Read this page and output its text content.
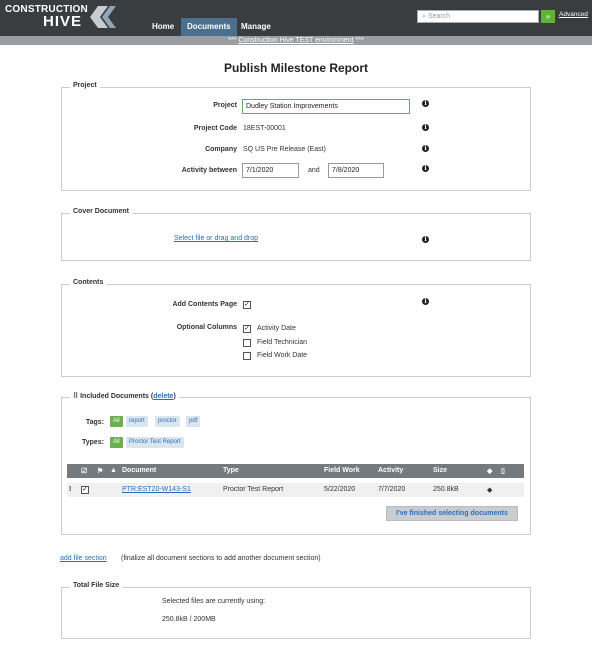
CONSTRUCTION
HIVE	Home	Documents	Manage
⌕ Search	»	Advanced
*** Construction Hive TEST environment ***
Publish Milestone Report
Project
Project	Dudley Station Improvements	i
Project Code 18EST-00001	i
Company SQ US Pre Release (East)	i
Activity between	7/1/2020	and	7/8/2020	i
Cover Document
Select file or drag and drop	i
Contents
Add Contents Page ✓	i
Optional Columns ✓ Activity Date
Field Technician
Field Work Date
⠿ Included Documents (delete)
Tags:	All	report	proctor	pdf
Types:	All	Proctor Test Report
☑ ⚑ ▲ Document	Type	Field Work	Activity	Size	◆ ▯
! ✓	PTR:EST20-W143-S1	Proctor Test Report	5/22/2020	7/7/2020	250.8kB	◆
I've finished selecting documents
add file section (finalize all document sections to add another document section)
Total File Size
Selected files are currently using:
250.8kB / 200MB
